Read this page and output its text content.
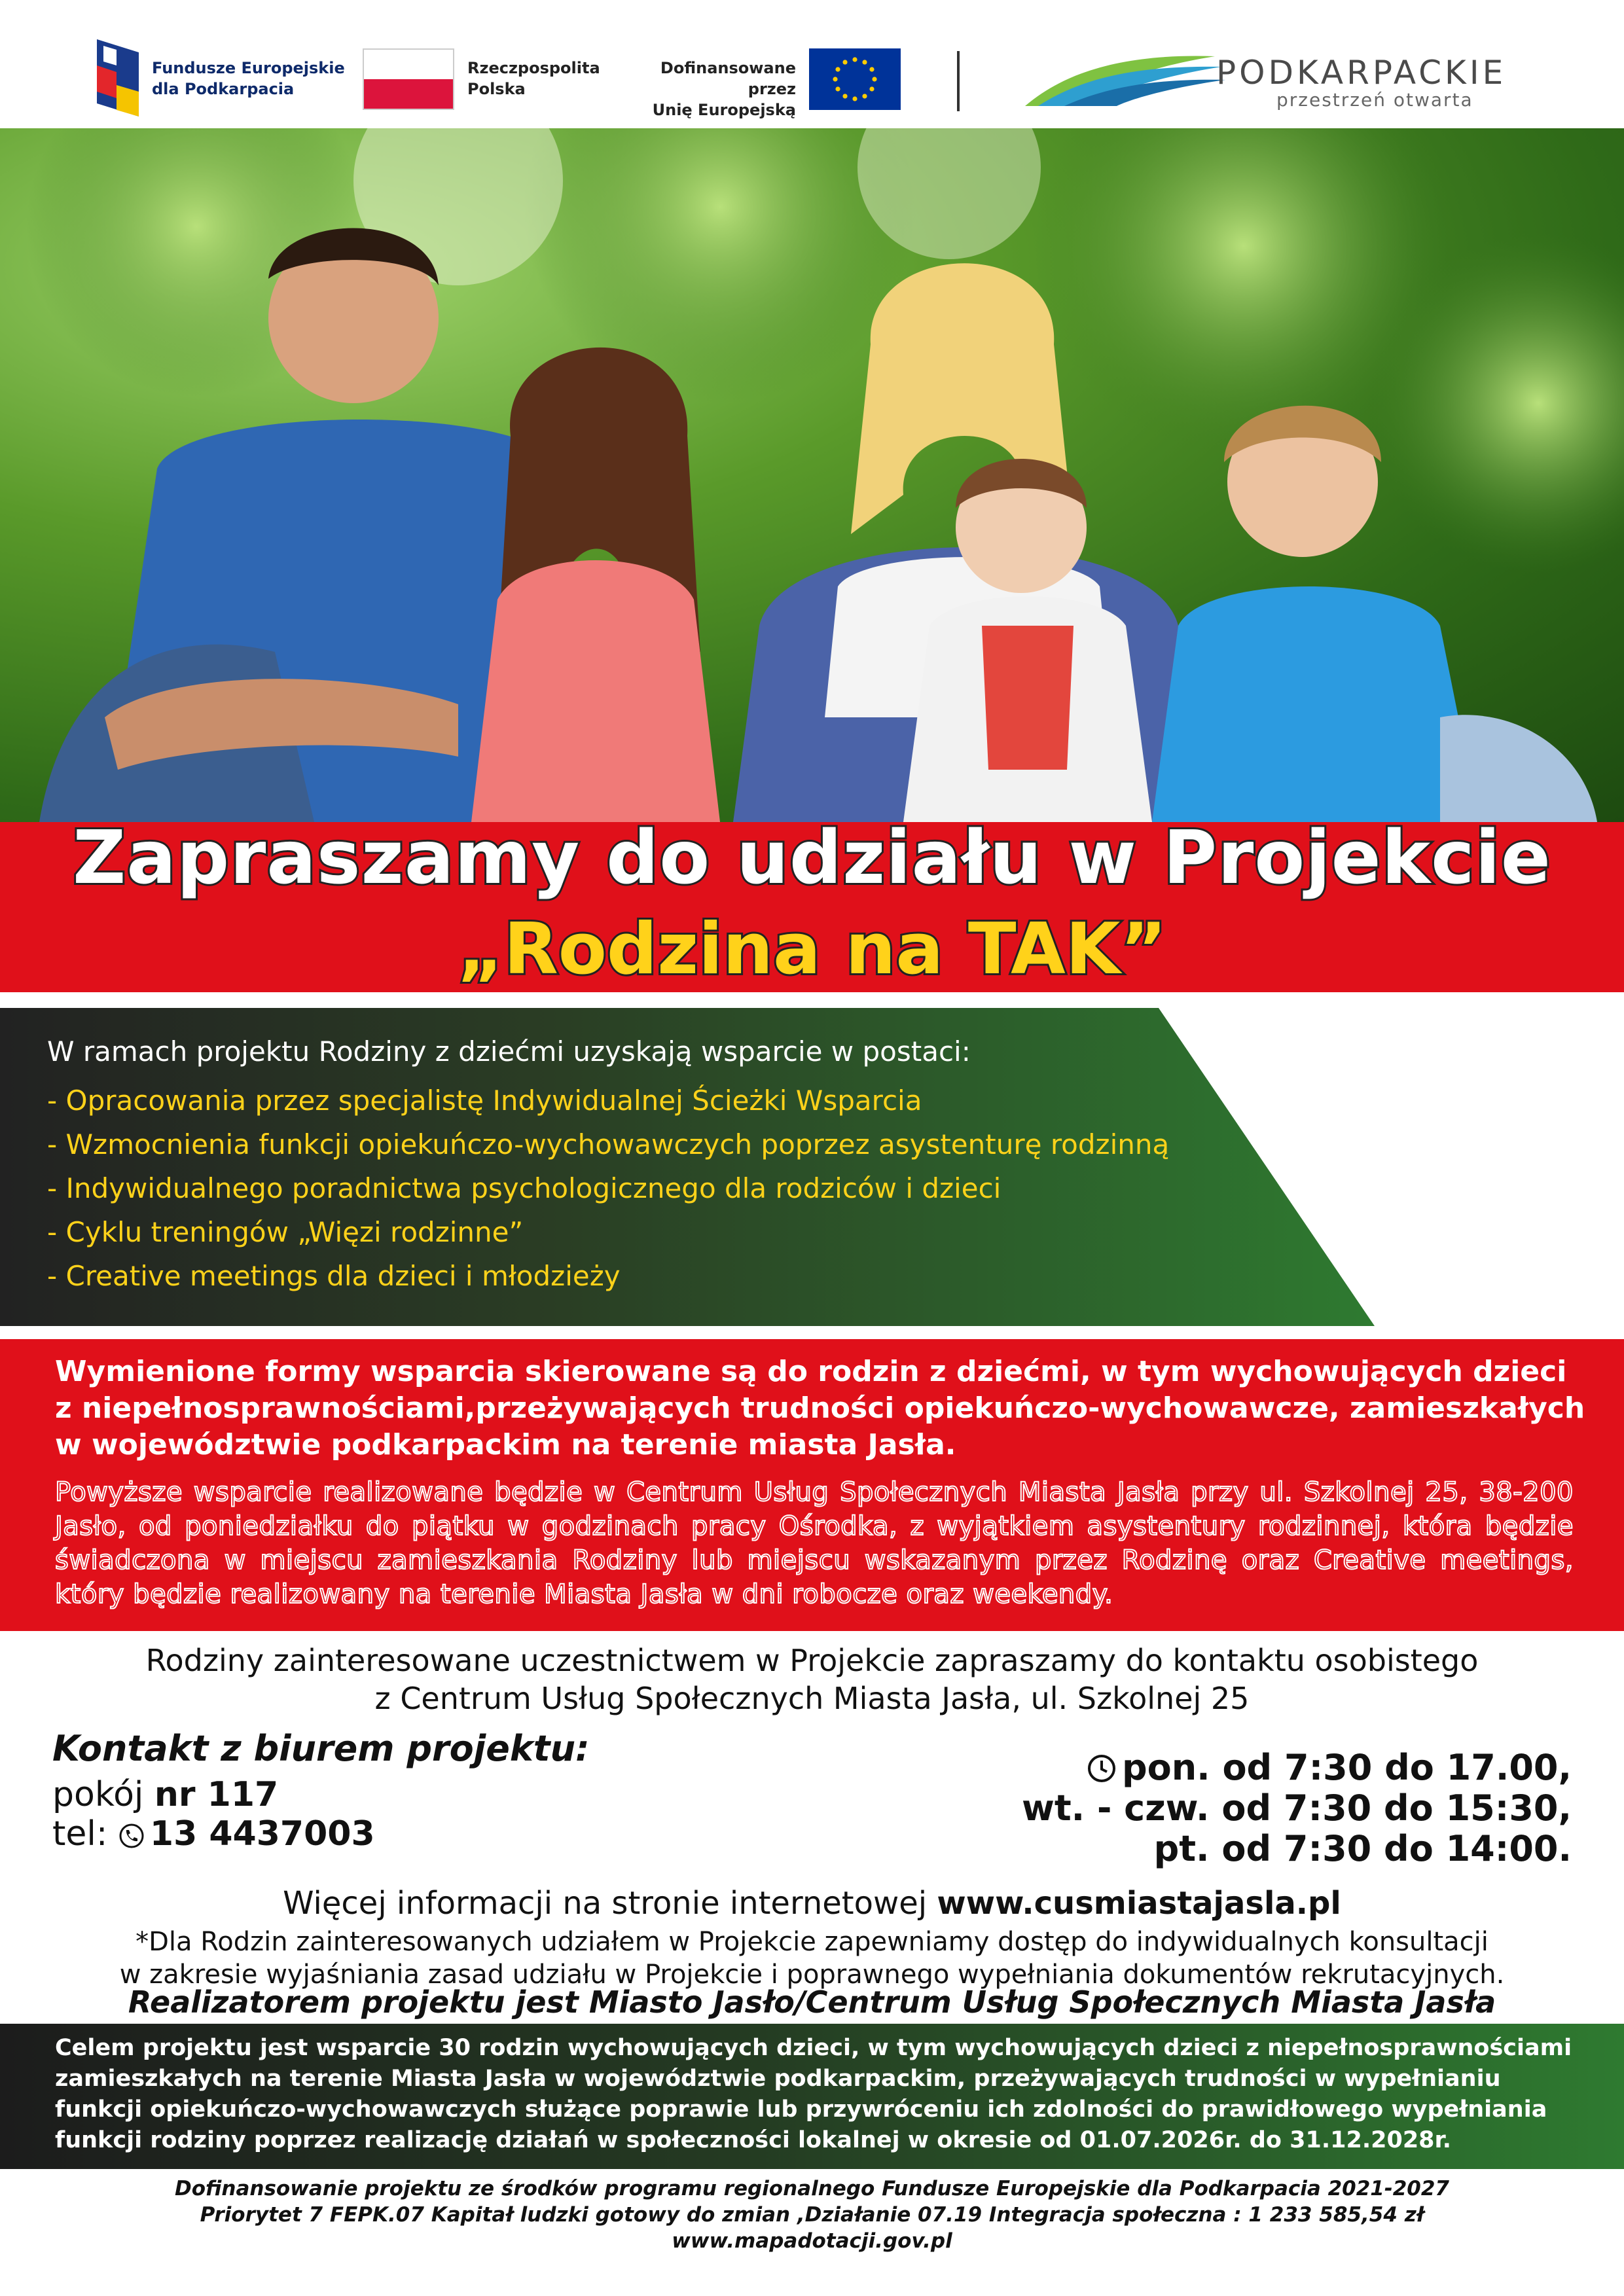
Fundusze Europejskie
dla Podkarpacia
Rzeczpospolita
Polska
Dofinansowane przez
Unię Europejską
PODKARPACKIE
przestrzeń otwarta
Zapraszamy do udziału w Projekcie
„Rodzina na TAK”
W ramach projektu Rodziny z dziećmi uzyskają wsparcie w postaci:
- Opracowania przez specjalistę Indywidualnej Ścieżki Wsparcia
- Wzmocnienia funkcji opiekuńczo-wychowawczych poprzez asystenturę rodzinną
- Indywidualnego poradnictwa psychologicznego dla rodziców i dzieci
- Cyklu treningów „Więzi rodzinne”
- Creative meetings dla dzieci i młodzieży
Wymienione formy wsparcia skierowane są do rodzin z dziećmi, w tym wychowujących dzieci z niepełnosprawnościami,przeżywających trudności opiekuńczo-wychowawcze, zamieszkałych w województwie podkarpackim na terenie miasta Jasła.
Powyższe wsparcie realizowane będzie w Centrum Usług Społecznych Miasta Jasła przy ul. Szkolnej 25, 38-200 Jasło, od poniedziałku do piątku w godzinach pracy Ośrodka, z wyjątkiem asystentury rodzinnej, która będzie świadczona w miejscu zamieszkania Rodziny lub miejscu wskazanym przez Rodzinę oraz Creative meetings, który będzie realizowany na terenie Miasta Jasła w dni robocze oraz weekendy.
Rodziny zainteresowane uczestnictwem w Projekcie zapraszamy do kontaktu osobistego
z Centrum Usług Społecznych Miasta Jasła, ul. Szkolnej 25
Kontakt z biurem projektu:
pokój nr 117
tel: 13 4437003
pon. od 7:30 do 17.00,
wt. - czw. od 7:30 do 15:30,
pt. od 7:30 do 14:00.
Więcej informacji na stronie internetowej www.cusmiastajasla.pl
*Dla Rodzin zainteresowanych udziałem w Projekcie zapewniamy dostęp do indywidualnych konsultacji
w zakresie wyjaśniania zasad udziału w Projekcie i poprawnego wypełniania dokumentów rekrutacyjnych.
Realizatorem projektu jest Miasto Jasło/Centrum Usług Społecznych Miasta Jasła
Celem projektu jest wsparcie 30 rodzin wychowujących dzieci, w tym wychowujących dzieci z niepełnosprawnościami zamieszkałych na terenie Miasta Jasła w województwie podkarpackim, przeżywających trudności w wypełnianiu funkcji opiekuńczo-wychowawczych służące poprawie lub przywróceniu ich zdolności do prawidłowego wypełniania funkcji rodziny poprzez realizację działań w społeczności lokalnej w okresie od 01.07.2026r. do 31.12.2028r.
Dofinansowanie projektu ze środków programu regionalnego Fundusze Europejskie dla Podkarpacia 2021-2027
Priorytet 7 FEPK.07 Kapitał ludzki gotowy do zmian ,Działanie 07.19 Integracja społeczna : 1 233 585,54 zł
www.mapadotacji.gov.pl
